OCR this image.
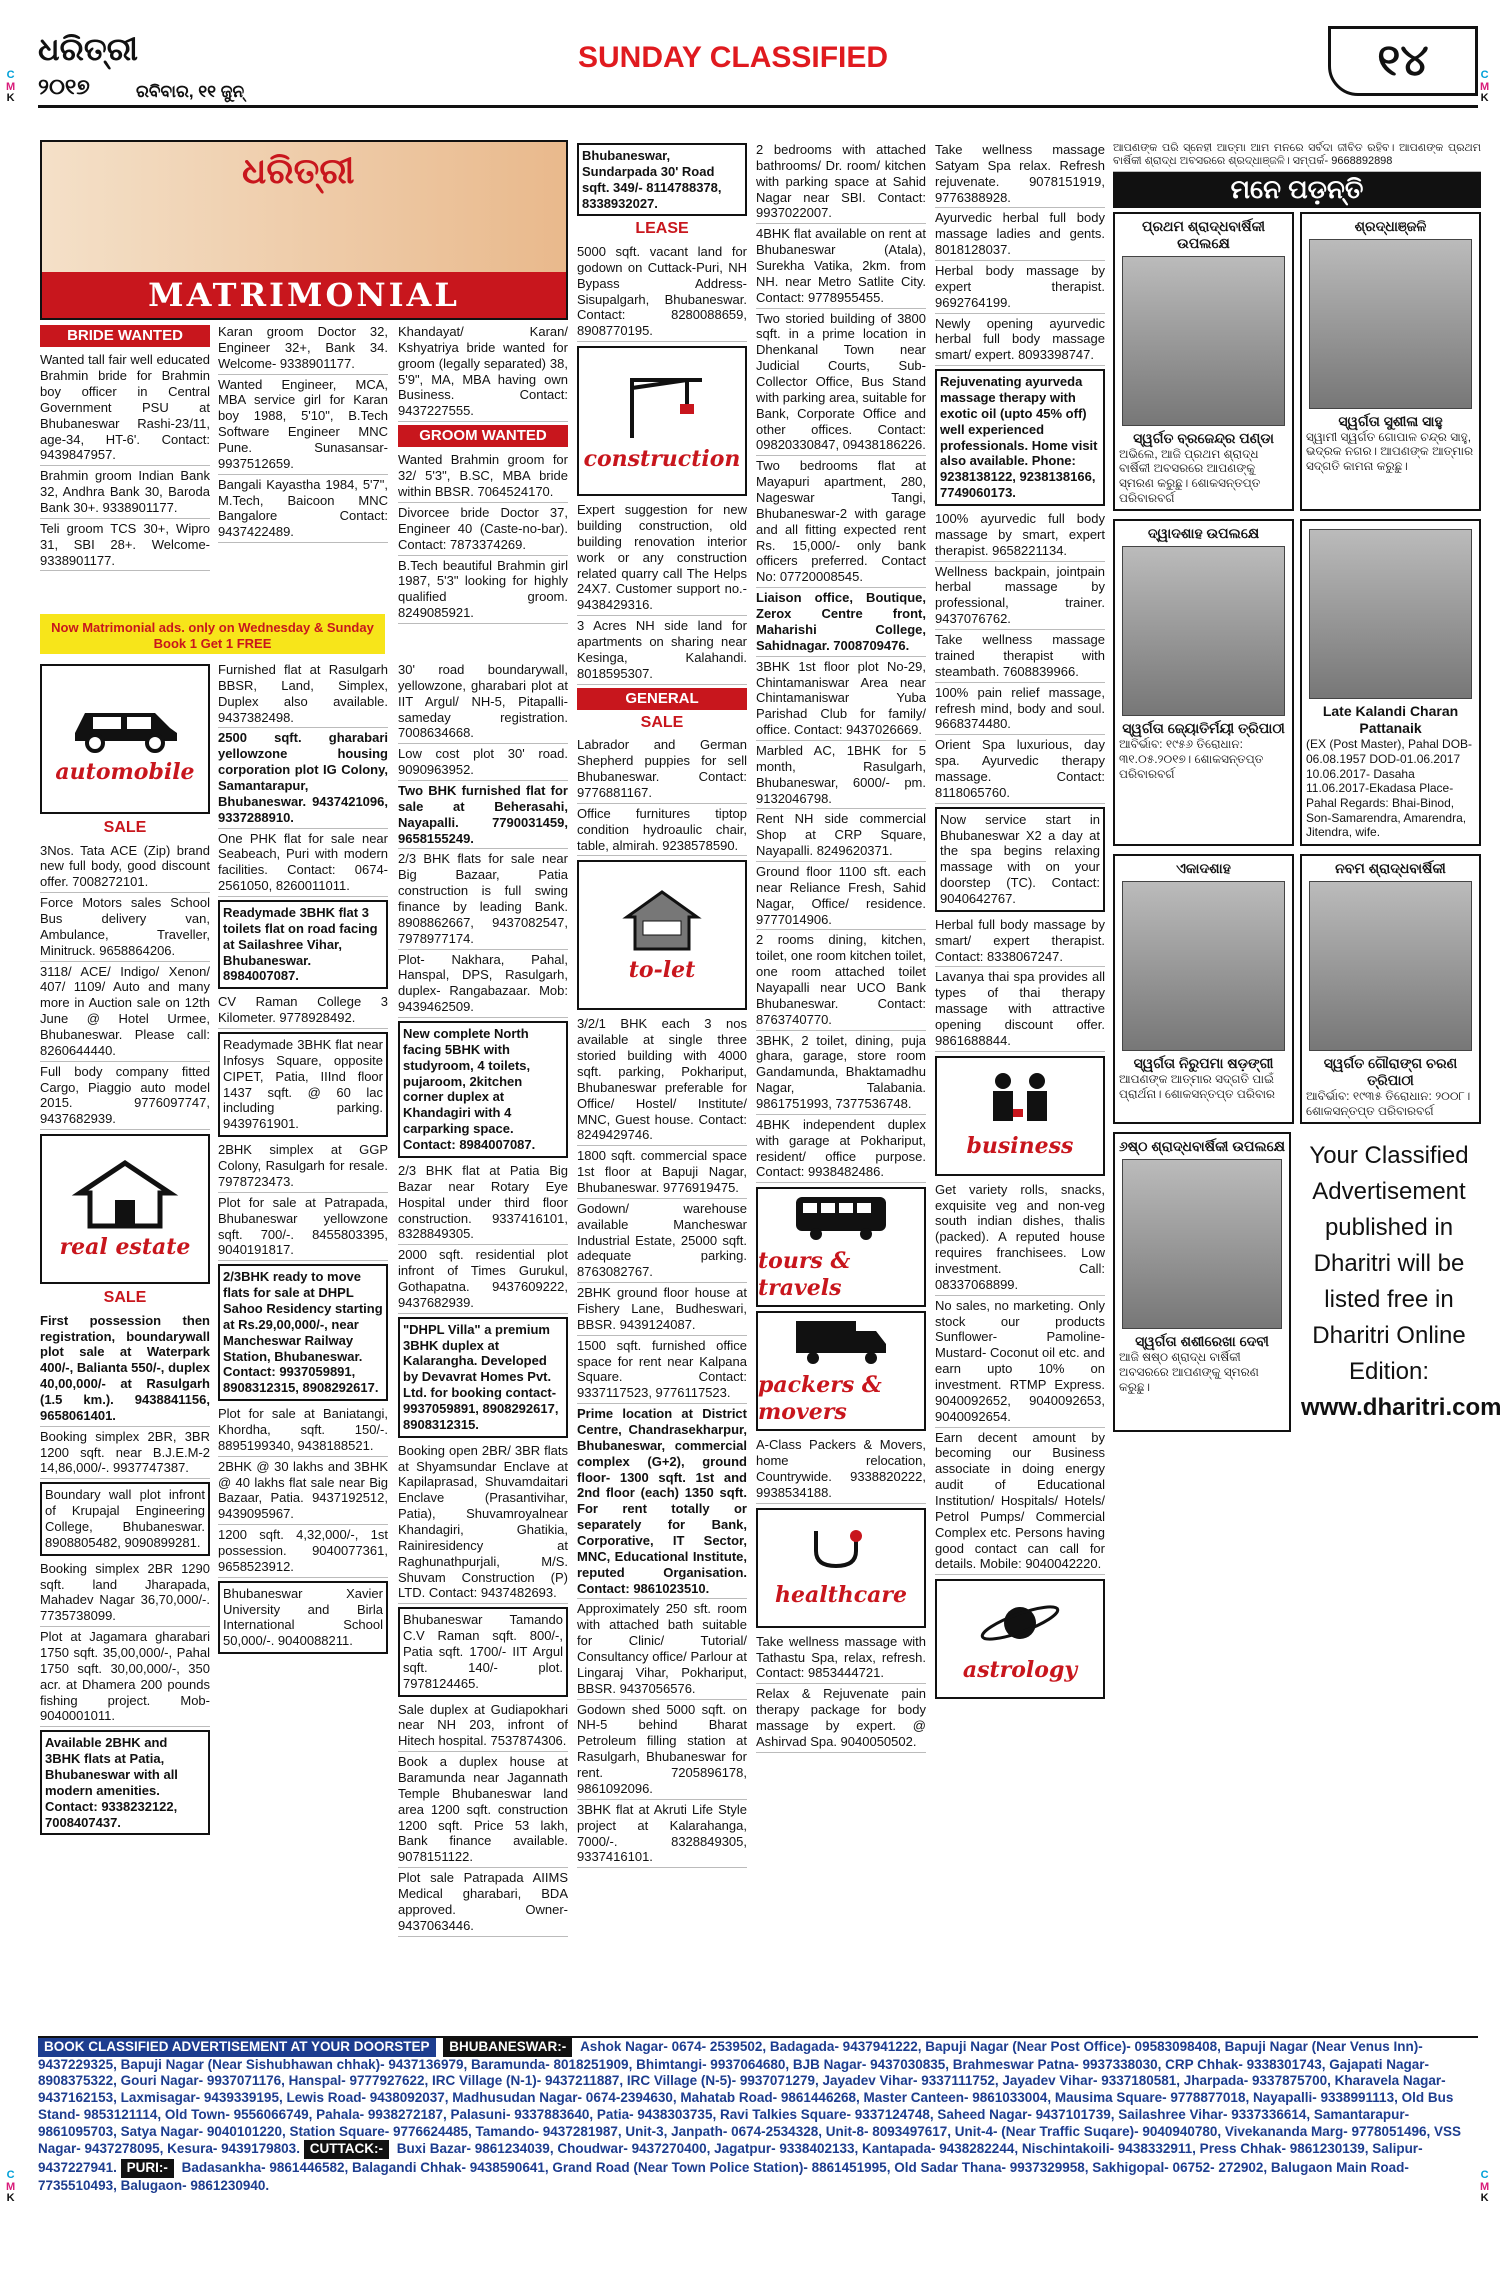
C
M
K
C
M
K
ଧରିତ୍ରୀ
୨୦୧୭	ରବିବାର, ୧୧ ଜୁନ୍
SUNDAY CLASSIFIED	୧୪
ଧରିତ୍ରୀ
MATRIMONIAL
BRIDE WANTED
Wanted tall fair well educated Brahmin bride for Brahmin boy officer in Central Government PSU at Bhubaneswar Rashi-23/11, age-34, HT-6'. Contact: 9439847957.
Brahmin groom Indian Bank 32, Andhra Bank 30, Baroda Bank 30+. 9338901177.
Teli groom TCS 30+, Wipro 31, SBI 28+. Welcome- 9338901177.
Karan groom Doctor 32, Engineer 32+, Bank 34. Welcome- 9338901177.
Wanted Engineer, MCA, MBA service girl for Karan boy 1988, 5'10", B.Tech Software Engineer MNC Pune. Sunasansar- 9937512659.
Bangali Kayastha 1984, 5'7", M.Tech, Baicoon MNC Bangalore Contact: 9437422489.
Khandayat/ Karan/ Kshyatriya bride wanted for groom (legally separated) 38, 5'9", MA, MBA having own Business. Contact: 9437227555.
GROOM WANTED
Wanted Brahmin groom for 32/ 5'3", B.SC, MBA bride within BBSR. 7064524170.
Divorcee bride Doctor 37, Engineer 40 (Caste-no-bar). Contact: 7873374269.
B.Tech beautiful Brahmin girl 1987, 5'3" looking for highly qualified groom. 8249085921.
Now Matrimonial ads. only on Wednesday & Sunday Book 1 Get 1 FREE
automobile
SALE
3Nos. Tata ACE (Zip) brand new full body, good discount offer. 7008272101.
Force Motors sales School Bus delivery van, Ambulance, Traveller, Minitruck. 9658864206.
3118/ ACE/ Indigo/ Xenon/ 407/ 1109/ Auto and many more in Auction sale on 12th June @ Hotel Urmee, Bhubaneswar. Please call: 8260644440.
Full body company fitted Cargo, Piaggio auto model 2015. 9776097747, 9437682939.
real estate
SALE
First possession then registration, boundarywall plot sale at Waterpark 400/-, Balianta 550/-, duplex 40,00,000/- at Rasulgarh (1.5 km.). 9438841156, 9658061401.
Booking simplex 2BR, 3BR 1200 sqft. near B.J.E.M-2 14,86,000/-. 9937747387.
Boundary wall plot infront of Krupajal Engineering College, Bhubaneswar. 8908805482, 9090899281.
Booking simplex 2BR 1290 sqft. land Jharapada, Mahadev Nagar 36,70,000/-. 7735738099.
Plot at Jagamara gharabari 1750 sqft. 35,00,000/-, Pahal 1750 sqft. 30,00,000/-, 350 acr. at Dhamera 200 pounds fishing project. Mob- 9040001011.
Available 2BHK and 3BHK flats at Patia, Bhubaneswar with all modern amenities. Contact: 9338232122, 7008407437.
Furnished flat at Rasulgarh BBSR, Land, Simplex, Duplex also available. 9437382498.
2500 sqft. gharabari yellowzone housing corporation plot IG Colony, Samantarapur, Bhubaneswar. 9437421096, 9337288910.
One PHK flat for sale near Seabeach, Puri with modern facilities. Contact: 0674-2561050, 8260011011.
Readymade 3BHK flat 3 toilets flat on road facing at Sailashree Vihar, Bhubaneswar. 8984007087.
CV Raman College 3 Kilometer. 9778928492.
Readymade 3BHK flat near Infosys Square, opposite CIPET, Patia, IIInd floor 1437 sqft. @ 60 lac including parking. 9439761901.
2BHK simplex at GGP Colony, Rasulgarh for resale. 7978723473.
Plot for sale at Patrapada, Bhubaneswar yellowzone sqft. 700/-. 8455803395, 9040191817.
2/3BHK ready to move flats for sale at DHPL Sahoo Residency starting at Rs.29,00,000/-, near Mancheswar Railway Station, Bhubaneswar. Contact: 9937059891, 8908312315, 8908292617.
Plot for sale at Baniatangi, Khordha, sqft. 150/-. 8895199340, 9438188521.
2BHK @ 30 lakhs and 3BHK @ 40 lakhs flat sale near Big Bazaar, Patia. 9437192512, 9439095967.
1200 sqft. 4,32,000/-, 1st possession. 9040077361, 9658523912.
Bhubaneswar Xavier University and Birla International School 50,000/-. 9040088211.
30' road boundarywall, yellowzone, gharabari plot at IIT Argul/ NH-5, Pitapalli- sameday registration. 7008634668.
Low cost plot 30' road. 9090963952.
Two BHK furnished flat for sale at Beherasahi, Nayapalli. 7790031459, 9658155249.
2/3 BHK flats for sale near Big Bazaar, Patia construction is full swing finance by leading Bank. 8908862667, 9437082547, 7978977174.
Plot- Nakhara, Pahal, Hanspal, DPS, Rasulgarh, duplex- Rangabazaar. Mob: 9439462509.
New complete North facing 5BHK with studyroom, 4 toilets, pujaroom, 2kitchen corner duplex at Khandagiri with 4 carparking space. Contact: 8984007087.
2/3 BHK flat at Patia Big Bazar near Rotary Eye Hospital under third floor construction. 9337416101, 8328849305.
2000 sqft. residential plot infront of Times Gurukul, Gothapatna. 9437609222, 9437682939.
"DHPL Villa" a premium 3BHK duplex at Kalarangha. Developed by Devavrat Homes Pvt. Ltd. for booking contact- 9937059891, 8908292617, 8908312315.
Booking open 2BR/ 3BR flats at Shyamsundar Enclave at Kapilaprasad, Shuvamdaitari Enclave (Prasantivihar, Patia), Shuvamroyalnear Khandagiri, Ghatikia, Rainiresidency at Raghunathpurjali, M/S. Shuvam Construction (P) LTD. Contact: 9437482693.
Bhubaneswar Tamando C.V Raman sqft. 800/-, Patia sqft. 1700/- IIT Argul sqft. 140/- plot. 7978124465.
Sale duplex at Gudiapokhari near NH 203, infront of Hitech hospital. 7537874306.
Book a duplex house at Baramunda near Jagannath Temple Bhubaneswar land area 1200 sqft. construction 1200 sqft. Price 53 lakh, Bank finance available. 9078151122.
Plot sale Patrapada AIIMS Medical gharabari, BDA approved. Owner- 9437063446.
Bhubaneswar, Sundarpada 30' Road sqft. 349/- 8114788378, 8338932027.
LEASE
5000 sqft. vacant land for godown on Cuttack-Puri, NH Bypass Address- Sisupalgarh, Bhubaneswar. Contact: 8280088659, 8908770195.
construction
Expert suggestion for new building construction, old building renovation interior work or any construction related quarry call The Helps 24X7. Customer support no.- 9438429316.
3 Acres NH side land for apartments on sharing near Kesinga, Kalahandi. 8018595307.
GENERAL
SALE
Labrador and German Shepherd puppies for sell Bhubaneswar. Contact: 9776881167.
Office furnitures tiptop condition hydroaulic chair, table, almirah. 9238578590.
to-let
3/2/1 BHK each 3 nos available at single three storied building with 4000 sqft. parking, Pokhariput, Bhubaneswar preferable for Office/ Hostel/ Institute/ MNC, Guest house. Contact: 8249429746.
1800 sqft. commercial space 1st floor at Bapuji Nagar, Bhubaneswar. 9776919475.
Godown/ warehouse available Mancheswar Industrial Estate, 25000 sqft. adequate parking. 8763082767.
2BHK ground floor house at Fishery Lane, Budheswari, BBSR. 9439124087.
1500 sqft. furnished office space for rent near Kalpana Square. Contact: 9337117523, 9776117523.
Prime location at District Centre, Chandrasekharpur, Bhubaneswar, commercial complex (G+2), ground floor- 1300 sqft. 1st and 2nd floor (each) 1350 sqft. For rent totally or separately for Bank, Corporative, IT Sector, MNC, Educational Institute, reputed Organisation. Contact: 9861023510.
Approximately 250 sft. room with attached bath suitable for Clinic/ Tutorial/ Consultancy office/ Parlour at Lingaraj Vihar, Pokhariput, BBSR. 9437056576.
Godown shed 5000 sqft. on NH-5 behind Bharat Petroleum filling station at Rasulgarh, Bhubaneswar for rent. 7205896178, 9861092096.
3BHK flat at Akruti Life Style project at Kalarahanga, 7000/-. 8328849305, 9337416101.
2 bedrooms with attached bathrooms/ Dr. room/ kitchen with parking space at Sahid Nagar near SBI. Contact: 9937022007.
4BHK flat available on rent at Bhubaneswar (Atala), Surekha Vatika, 2km. from NH. near Metro Satlite City. Contact: 9778955455.
Two storied building of 3800 sqft. in a prime location in Dhenkanal Town near Judicial Courts, Sub-Collector Office, Bus Stand with parking area, suitable for Bank, Corporate Office and other offices. Contact: 09820330847, 09438186226.
Two bedrooms flat at Mayapuri apartment, 280, Nageswar Tangi, Bhubaneswar-2 with garage and all fitting expected rent Rs. 15,000/- only bank officers preferred. Contact No: 07720008545.
Liaison office, Boutique, Zerox Centre front, Maharishi College, Sahidnagar. 7008709476.
3BHK 1st floor plot No-29, Chintamaniswar Area near Chintamaniswar Yuba Parishad Club for family/ office. Contact: 9437026669.
Marbled AC, 1BHK for 5 month, Rasulgarh, Bhubaneswar, 6000/- pm. 9132046798.
Rent NH side commercial Shop at CRP Square, Nayapalli. 8249620371.
Ground floor 1100 sft. each near Reliance Fresh, Sahid Nagar, Office/ residence. 9777014906.
2 rooms dining, kitchen, toilet, one room kitchen toilet, one room attached toilet Nayapalli near UCO Bank Bhubaneswar. Contact: 8763740770.
3BHK, 2 toilet, dining, puja ghara, garage, store room Gandamunda, Bhaktamadhu Nagar, Talabania. 9861751993, 7377536748.
4BHK independent duplex with garage at Pokhariput, resident/ office purpose. Contact: 9938482486.
tours & travels
packers & movers
A-Class Packers & Movers, home relocation, Countrywide. 9338820222, 9938534188.
healthcare
Take wellness massage with Tathastu Spa, relax, refresh. Contact: 9853444721.
Relax & Rejuvenate pain therapy package for body massage by expert. @ Ashirvad Spa. 9040050502.
Take wellness massage Satyam Spa relax. Refresh rejuvenate. 9078151919, 9776388928.
Ayurvedic herbal full body massage ladies and gents. 8018128037.
Herbal body massage by expert therapist. 9692764199.
Newly opening ayurvedic herbal full body massage smart/ expert. 8093398747.
Rejuvenating ayurveda massage therapy with exotic oil (upto 45% off) well experienced professionals. Home visit also available. Phone: 9238138122, 9238138166, 7749060173.
100% ayurvedic full body massage by smart, expert therapist. 9658221134.
Wellness backpain, jointpain herbal massage by professional, trainer. 9437076762.
Take wellness massage trained therapist with steambath. 7608839966.
100% pain relief massage, refresh mind, body and soul. 9668374480.
Orient Spa luxurious, day spa. Ayurvedic therapy massage. Contact: 8118065760.
Now service start in Bhubaneswar X2 a day at the spa begins relaxing massage with on your doorstep (TC). Contact: 9040642767.
Herbal full body massage by smart/ expert therapist. Contact: 8338067247.
Lavanya thai spa provides all types of thai therapy massage with attractive opening discount offer. 9861688844.
business
Get variety rolls, snacks, exquisite veg and non-veg south indian dishes, thalis (packed). A reputed house requires franchisees. Low investment. Call: 08337068899.
No sales, no marketing. Only stock our products Sunflower- Pamoline- Mustard- Coconut oil etc. and earn upto 10% on investment. RTMP Express. 9040092652, 9040092653, 9040092654.
Earn decent amount by becoming our Business associate in doing energy audit of Educational Institution/ Hospitals/ Hotels/ Petrol Pumps/ Commercial Complex etc. Persons having good contact can call for details. Mobile: 9040042220.
astrology
ଆପଣଙ୍କ ପରି ସ୍ନେହୀ ଆତ୍ମା ଆମ ମନରେ ସର୍ବଦା ଜୀବିତ ରହିବ। ଆପଣଙ୍କ ପ୍ରଥମ ବାର୍ଷିକୀ ଶ୍ରାଦ୍ଧ ଅବସରରେ ଶ୍ରଦ୍ଧାଞ୍ଜଳି। ସମ୍ପର୍କ- 9668892898
ମନେ ପଡ଼ନ୍ତି
ପ୍ରଥମ ଶ୍ରାଦ୍ଧବାର୍ଷିକୀ ଉପଲକ୍ଷେ
ସ୍ୱର୍ଗତ ବ୍ରଜେନ୍ଦ୍ର ପଣ୍ଡା
ଅଭିଲେ, ଆଜି ପ୍ରଥମ ଶ୍ରାଦ୍ଧ ବାର୍ଷିକୀ ଅବସରରେ ଆପଣଙ୍କୁ ସ୍ମରଣ କରୁଛୁ। ଶୋକସନ୍ତପ୍ତ ପରିବାରବର୍ଗ
ଶ୍ରଦ୍ଧାଞ୍ଜଳି
ସ୍ୱର୍ଗତା ସୁଶୀଳା ସାହୁ
ସ୍ୱାମୀ ସ୍ୱର୍ଗତ ଗୋପାଳ ଚନ୍ଦ୍ର ସାହୁ, ଭଦ୍ରକ ନଗର। ଆପଣଙ୍କ ଆତ୍ମାର ସଦ୍ଗତି କାମନା କରୁଛୁ।
ଦ୍ୱାଦଶାହ ଉପଲକ୍ଷେ
ସ୍ୱର୍ଗତା ଜ୍ୟୋତିର୍ମୟୀ ତ୍ରିପାଠୀ
ଆବିର୍ଭାବ: ୧୯୫୬ ତିରୋଧାନ: ୩୧.୦୫.୨୦୧୭। ଶୋକସନ୍ତପ୍ତ ପରିବାରବର୍ଗ
Late Kalandi Charan Pattanaik
(EX (Post Master), Pahal DOB-06.08.1957 DOD-01.06.2017 10.06.2017- Dasaha 11.06.2017-Ekadasa Place-Pahal Regards: Bhai-Binod, Son-Samarendra, Amarendra, Jitendra, wife.
ଏକାଦଶାହ
ସ୍ୱର୍ଗତା ନିରୁପମା ଷଡ଼ଙ୍ଗୀ
ଆପଣଙ୍କ ଆତ୍ମାର ସଦ୍ଗତି ପାଇଁ ପ୍ରାର୍ଥନା। ଶୋକସନ୍ତପ୍ତ ପରିବାର
ନବମ ଶ୍ରାଦ୍ଧବାର୍ଷିକୀ
ସ୍ୱର୍ଗତ ଗୌରାଙ୍ଗ ଚରଣ ତ୍ରିପାଠୀ
ଆବିର୍ଭାବ: ୧୯୩୫ ତିରୋଧାନ: ୨୦୦୮। ଶୋକସନ୍ତପ୍ତ ପରିବାରବର୍ଗ
୬ଷ୍ଠ ଶ୍ରାଦ୍ଧବାର୍ଷିକୀ ଉପଲକ୍ଷେ
ସ୍ୱର୍ଗତା ଶଶୀରେଖା ଦେବୀ
ଆଜି ଷଷ୍ଠ ଶ୍ରାଦ୍ଧ ବାର୍ଷିକୀ ଅବସରରେ ଆପଣଙ୍କୁ ସ୍ମରଣ କରୁଛୁ।
Your Classified Advertisement published in Dharitri will be listed free in Dharitri Online Edition:
www.dharitri.com
BOOK CLASSIFIED ADVERTISEMENT AT YOUR DOORSTEP BHUBANESWAR:- Ashok Nagar- 0674- 2539502, Badagada- 9437941222, Bapuji Nagar (Near Post Office)- 09583098408, Bapuji Nagar (Near Venus Inn)- 9437229325, Bapuji Nagar (Near Sishubhawan chhak)- 9437136979, Baramunda- 8018251909, Bhimtangi- 9937064680, BJB Nagar- 9437030835, Brahmeswar Patna- 9937338030, CRP Chhak- 9338301743, Gajapati Nagar- 8908375322, Gouri Nagar- 9937071176, Hanspal- 9777927622, IRC Village (N-1)- 9437211887, IRC Village (N-5)- 9937071279, Jayadev Vihar- 9337111752, Jayadev Vihar- 9337180581, Jharpada- 9337875700, Kharavela Nagar- 9437162153, Laxmisagar- 9439339195, Lewis Road- 9438092037, Madhusudan Nagar- 0674-2394630, Mahatab Road- 9861446268, Master Canteen- 9861033004, Mausima Square- 9778877018, Nayapalli- 9338991113, Old Bus Stand- 9853121114, Old Town- 9556066749, Pahala- 9938272187, Palasuni- 9337883640, Patia- 9438303735, Ravi Talkies Square- 9337124748, Saheed Nagar- 9437101739, Sailashree Vihar- 9337336614, Samantarapur- 9861095703, Satya Nagar- 9040101220, Station Square- 9776624485, Tamando- 9437281987, Unit-3, Janpath- 0674-2534328, Unit-8- 8093497617, Unit-4- (Near Traffic Suqare)- 9040940780, Vivekananda Marg- 9778051496, VSS Nagar- 9437278095, Kesura- 9439179803. CUTTACK:- Buxi Bazar- 9861234039, Choudwar- 9437270400, Jagatpur- 9338402133, Kantapada- 9438282244, Nischintakoili- 9438332911, Press Chhak- 9861230139, Salipur- 9437227941. PURI:- Badasankha- 9861446582, Balagandi Chhak- 9438590641, Grand Road (Near Town Police Station)- 8861451995, Old Sadar Thana- 9937329958, Sakhigopal- 06752- 272902, Balugaon Main Road- 7735510493, Balugaon- 9861230940.
C
M
K
C
M
K
